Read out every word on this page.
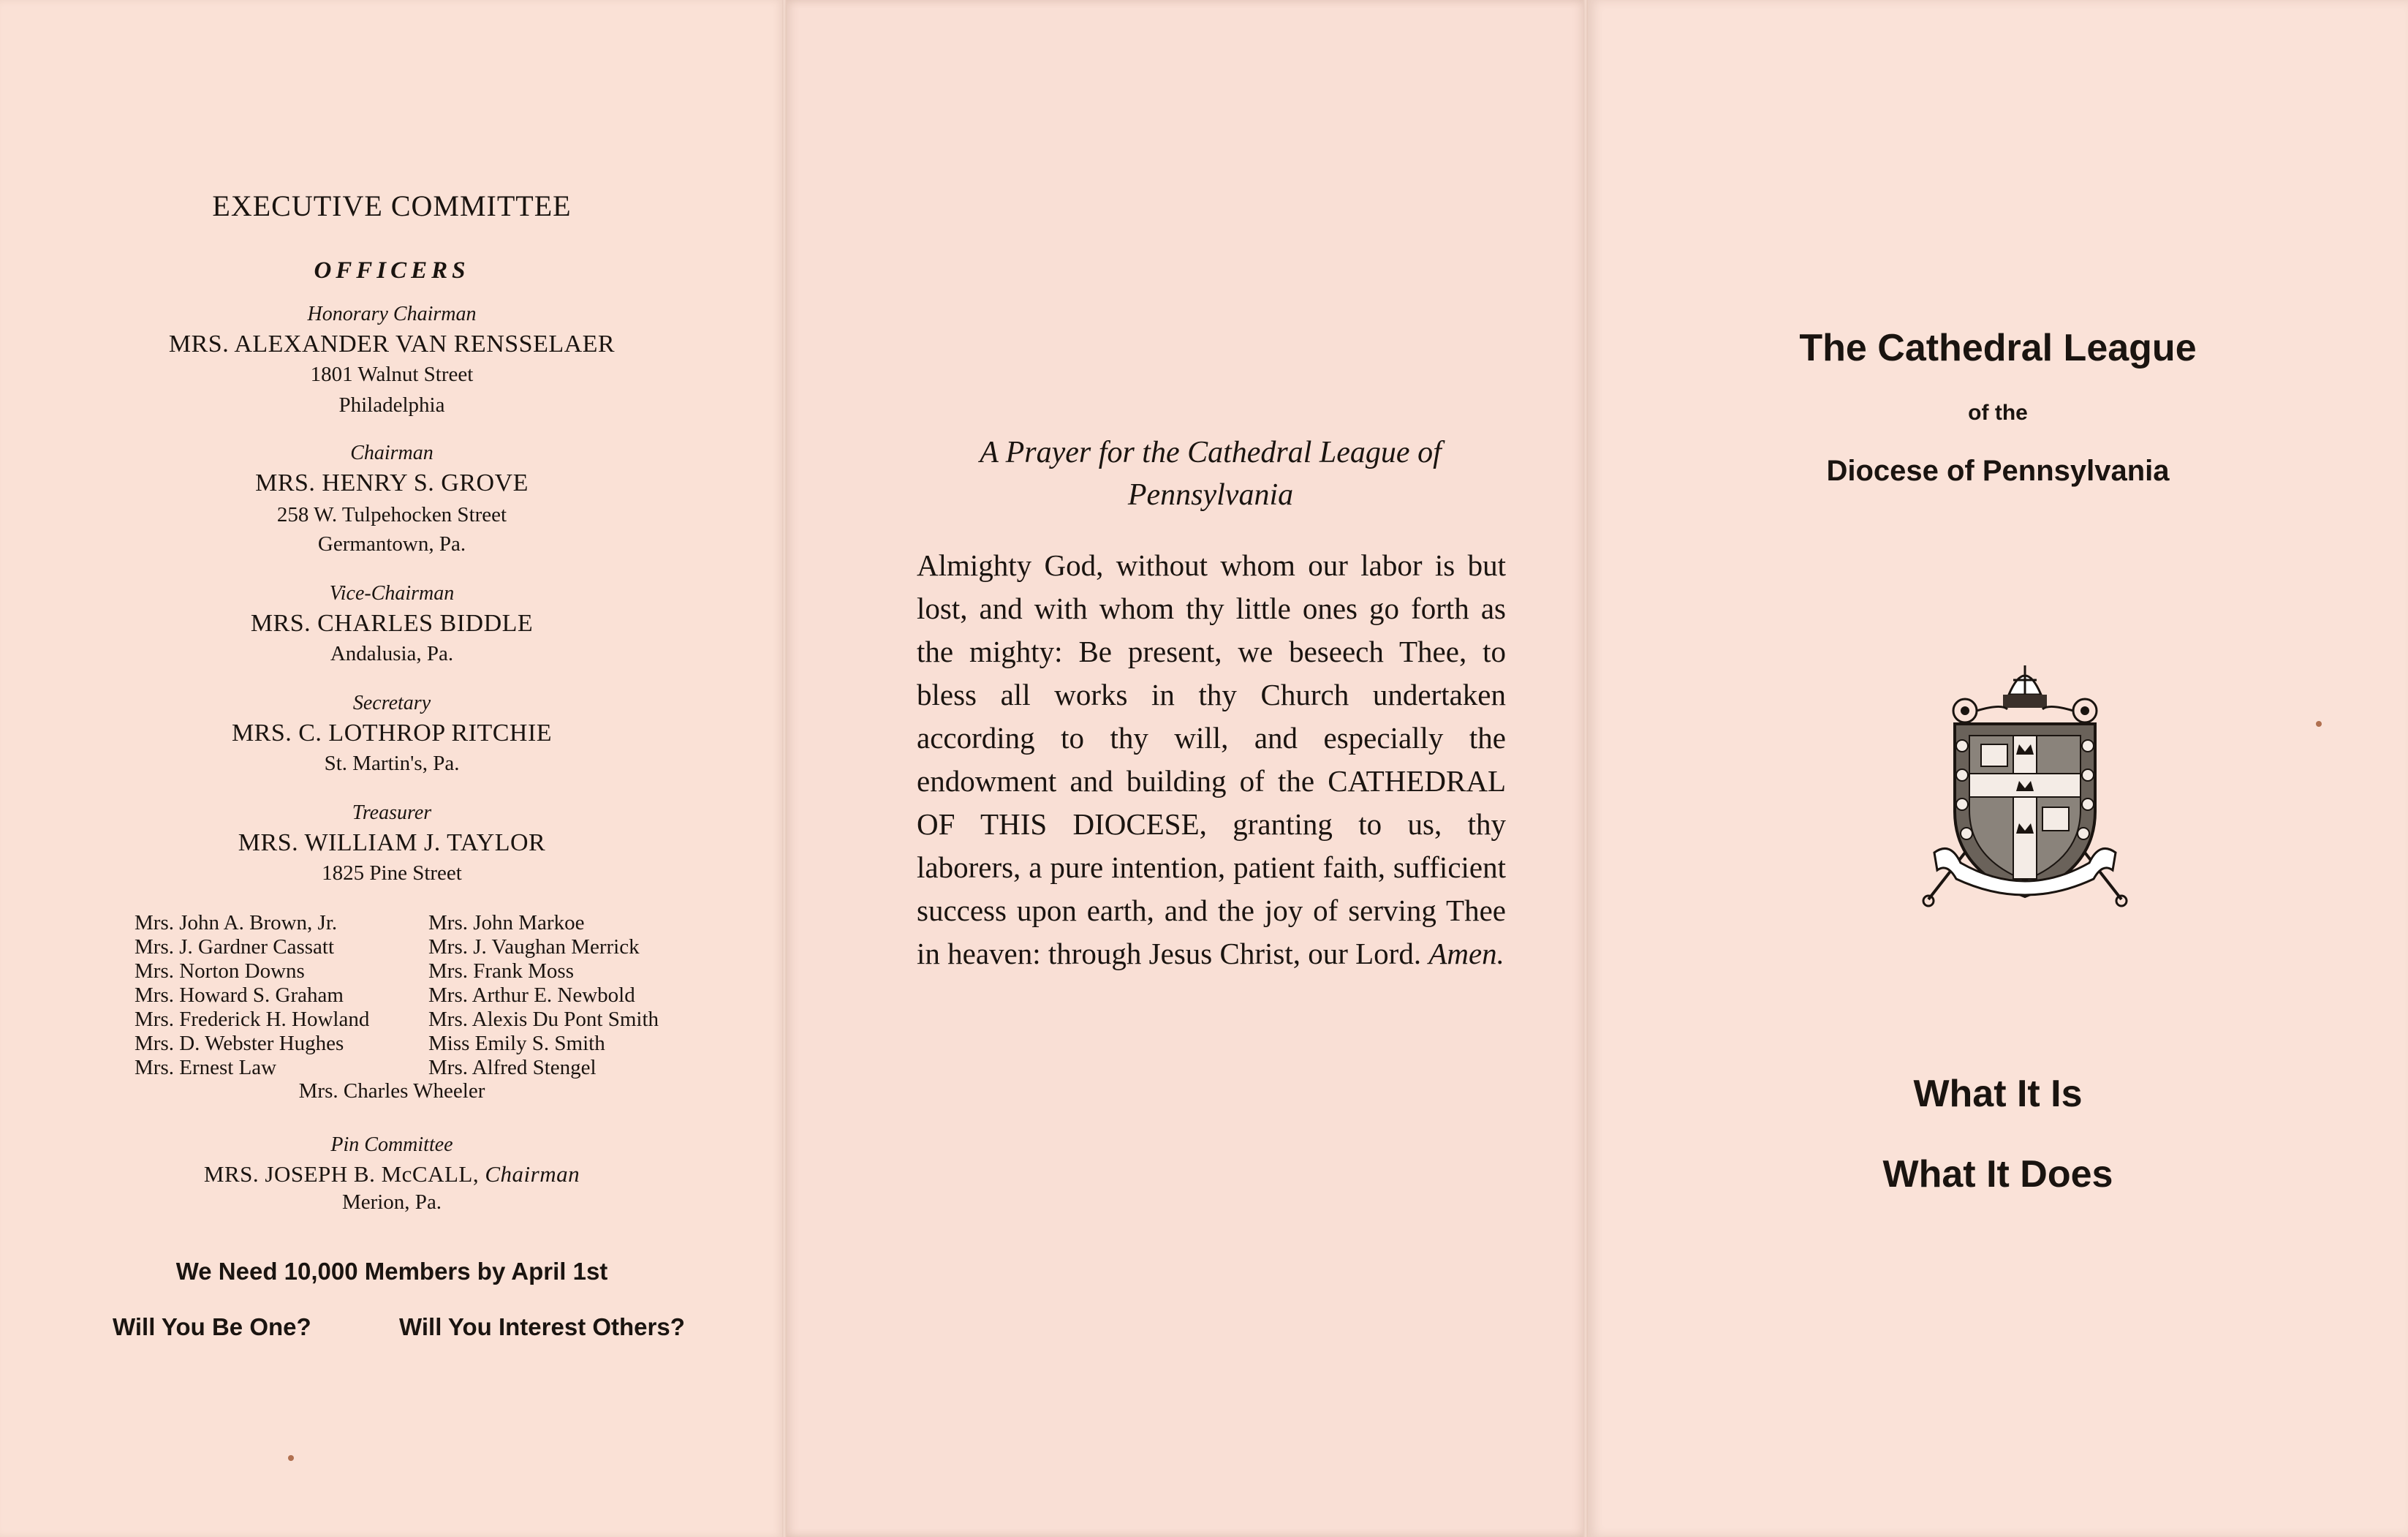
EXECUTIVE COMMITTEE
OFFICERS
Honorary Chairman
MRS. ALEXANDER VAN RENSSELAER
1801 Walnut Street
Philadelphia
Chairman
MRS. HENRY S. GROVE
258 W. Tulpehocken Street
Germantown, Pa.
Vice-Chairman
MRS. CHARLES BIDDLE
Andalusia, Pa.
Secretary
MRS. C. LOTHROP RITCHIE
St. Martin's, Pa.
Treasurer
MRS. WILLIAM J. TAYLOR
1825 Pine Street
Mrs. John A. Brown, Jr.
Mrs. J. Gardner Cassatt
Mrs. Norton Downs
Mrs. Howard S. Graham
Mrs. Frederick H. Howland
Mrs. D. Webster Hughes
Mrs. Ernest Law
Mrs. John Markoe
Mrs. J. Vaughan Merrick
Mrs. Frank Moss
Mrs. Arthur E. Newbold
Mrs. Alexis Du Pont Smith
Miss Emily S. Smith
Mrs. Alfred Stengel
Mrs. Charles Wheeler
Pin Committee
MRS. JOSEPH B. McCALL, Chairman
Merion, Pa.
We Need 10,000 Members by April 1st
Will You Be One?	Will You Interest Others?
A Prayer for the Cathedral League of Pennsylvania
Almighty God, without whom our labor is but lost, and with whom thy little ones go forth as the mighty: Be present, we beseech Thee, to bless all works in thy Church undertaken according to thy will, and especially the endowment and building of the CATHEDRAL OF THIS DIOCESE, granting to us, thy laborers, a pure intention, patient faith, sufficient success upon earth, and the joy of serving Thee in heaven: through Jesus Christ, our Lord. Amen.
The Cathedral League
of the
Diocese of Pennsylvania
What It Is
What It Does
